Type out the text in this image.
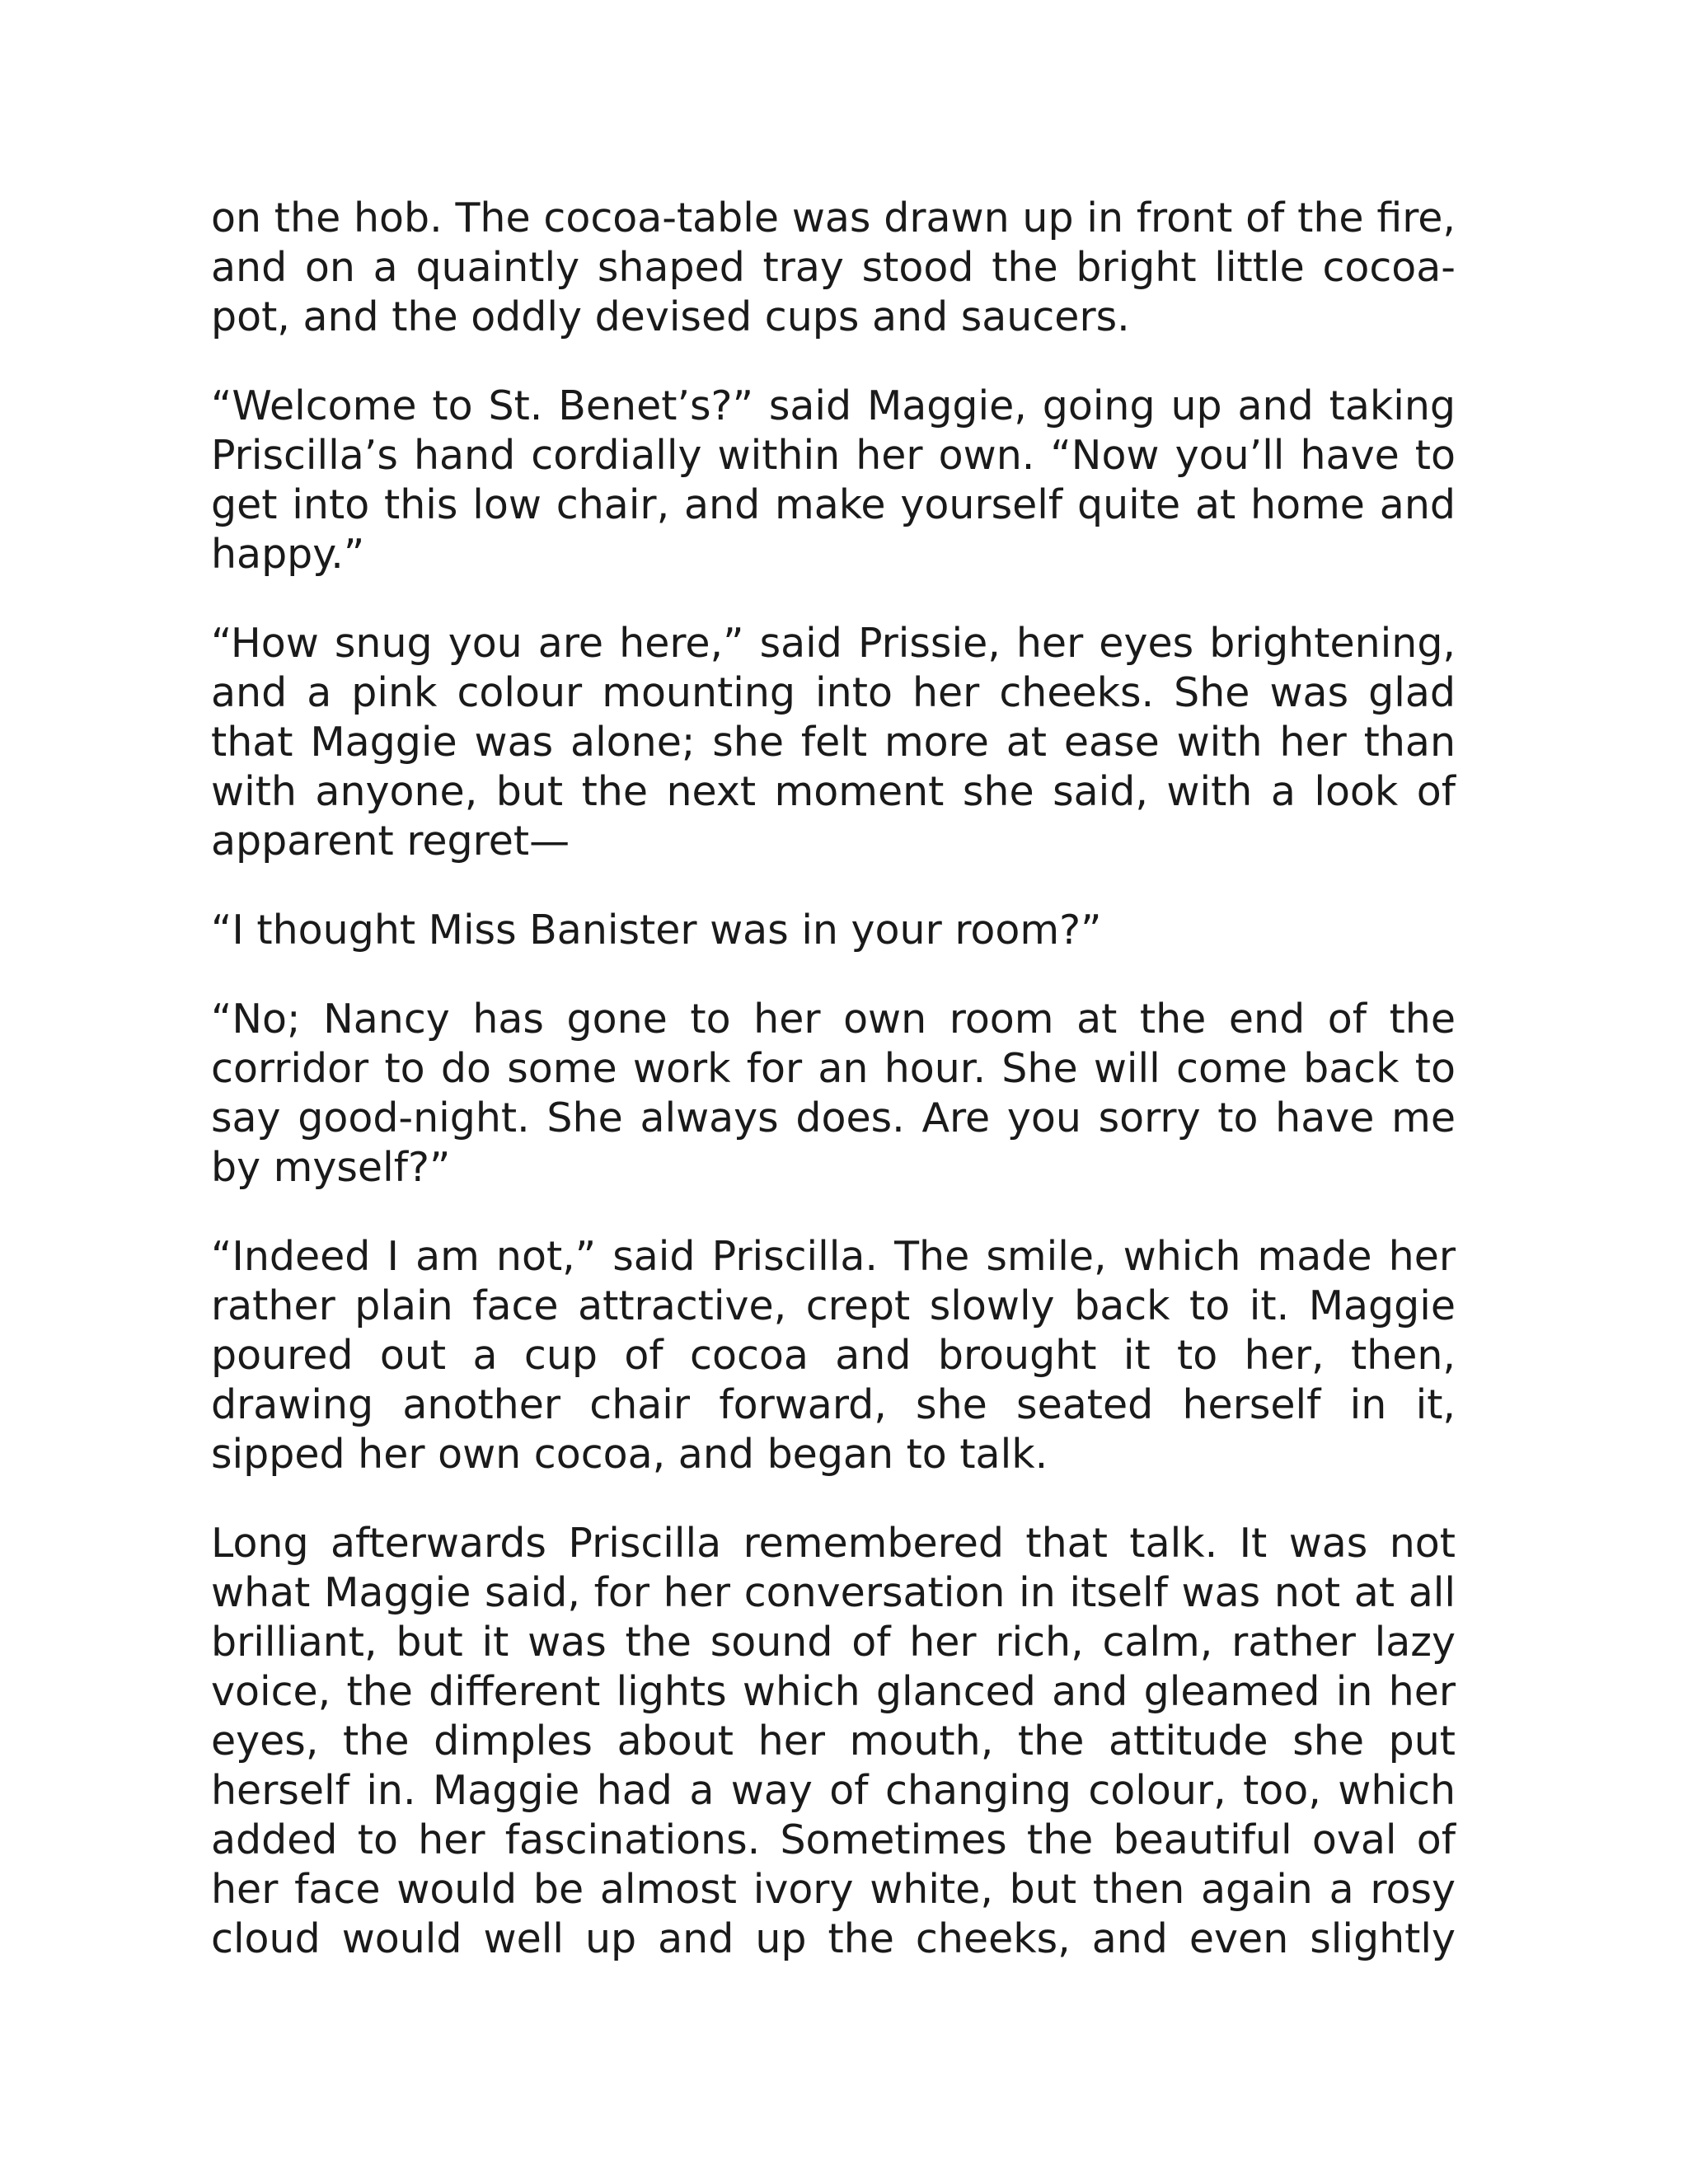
on the hob. The cocoa-table was drawn up in front of the fire, and on a quaintly shaped tray stood the bright little cocoa-pot, and the oddly devised cups and saucers.

“Welcome to St. Benet’s?” said Maggie, going up and taking Priscilla’s hand cordially within her own. “Now you’ll have to get into this low chair, and make yourself quite at home and happy.”

“How snug you are here,” said Prissie, her eyes brightening, and a pink colour mounting into her cheeks. She was glad that Maggie was alone; she felt more at ease with her than with anyone, but the next moment she said, with a look of apparent regret—

“I thought Miss Banister was in your room?”

“No; Nancy has gone to her own room at the end of the corridor to do some work for an hour. She will come back to say good-night. She always does. Are you sorry to have me by myself?”

“Indeed I am not,” said Priscilla. The smile, which made her rather plain face attractive, crept slowly back to it. Maggie poured out a cup of cocoa and brought it to her, then, drawing another chair forward, she seated herself in it, sipped her own cocoa, and began to talk.

Long afterwards Priscilla remembered that talk. It was not what Maggie said, for her conversation in itself was not at all brilliant, but it was the sound of her rich, calm, rather lazy voice, the different lights which glanced and gleamed in her eyes, the dimples about her mouth, the attitude she put herself in. Maggie had a way of changing colour, too, which added to her fascinations. Sometimes the beautiful oval of her face would be almost ivory white, but then again a rosy cloud would well up and up the cheeks, and even slightly
